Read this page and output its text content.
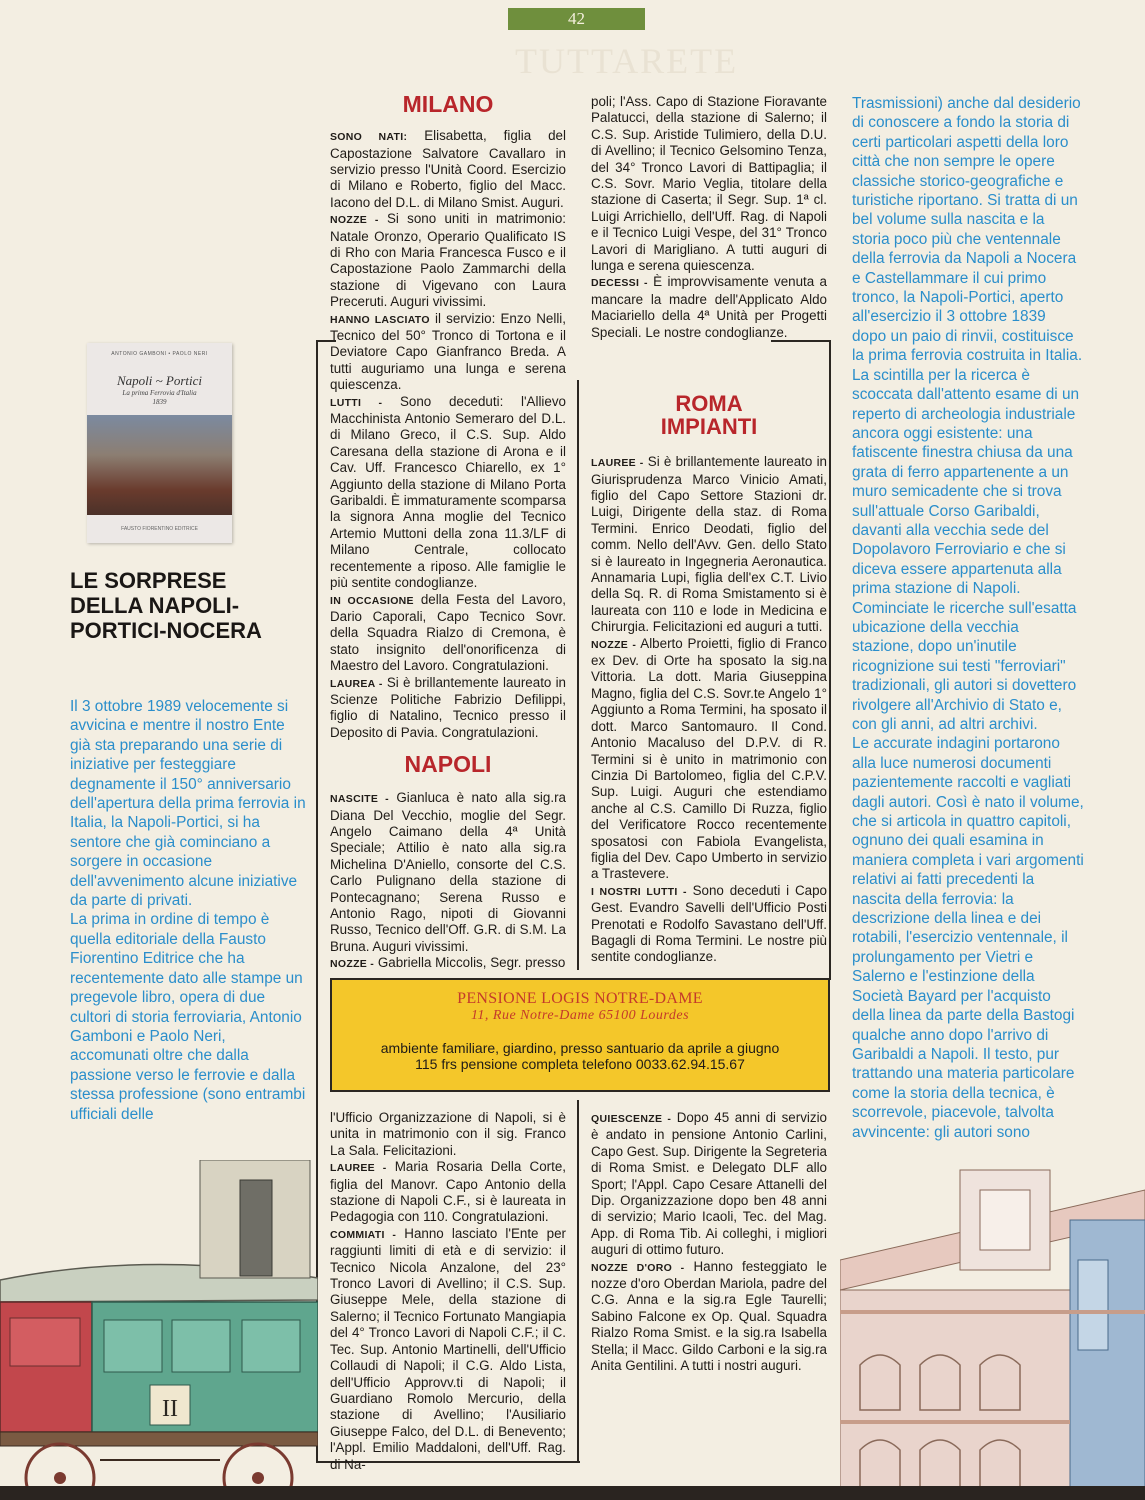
42
TUTTARETE
ANTONIO GAMBONI • PAOLO NERI
Napoli ~ Portici
La prima Ferrovia d'Italia
1839
FAUSTO FIORENTINO EDITRICE
LE SORPRESE DELLA NAPOLI-PORTICI-NOCERA

Il 3 ottobre 1989 velocemente si avvicina e mentre il nostro Ente già sta preparando una serie di iniziative per festeggiare degnamente il 150° anniversario dell'apertura della prima ferrovia in Italia, la Napoli-Portici, si ha sentore che già cominciano a sorgere in occasione dell'avvenimento alcune iniziative da parte di privati.

La prima in ordine di tempo è quella editoriale della Fausto Fiorentino Editrice che ha recentemente dato alle stampe un pregevole libro, opera di due cultori di storia ferroviaria, Antonio Gamboni e Paolo Neri, accomunati oltre che dalla passione verso le ferrovie e dalla stessa professione (sono entrambi ufficiali delle

Trasmissioni) anche dal desiderio di conoscere a fondo la storia di certi particolari aspetti della loro città che non sempre le opere classiche storico-geografiche e turistiche riportano. Si tratta di un bel volume sulla nascita e la storia poco più che ventennale della ferrovia da Napoli a Nocera e Castellammare il cui primo tronco, la Napoli-Portici, aperto all'esercizio il 3 ottobre 1839 dopo un paio di rinvii, costituisce la prima ferrovia costruita in Italia.

La scintilla per la ricerca è scoccata dall'attento esame di un reperto di archeologia industriale ancora oggi esistente: una fatiscente finestra chiusa da una grata di ferro appartenente a un muro semicadente che si trova sull'attuale Corso Garibaldi, davanti alla vecchia sede del Dopolavoro Ferroviario e che si diceva essere appartenuta alla prima stazione di Napoli. Cominciate le ricerche sull'esatta ubicazione della vecchia stazione, dopo un'inutile ricognizione sui testi "ferroviari" tradizionali, gli autori si dovettero rivolgere all'Archivio di Stato e, con gli anni, ad altri archivi.

Le accurate indagini portarono alla luce numerosi documenti pazientemente raccolti e vagliati dagli autori. Così è nato il volume, che si articola in quattro capitoli, ognuno dei quali esamina in maniera completa i vari argomenti relativi ai fatti precedenti la nascita della ferrovia: la descrizione della linea e dei rotabili, l'esercizio ventennale, il prolungamento per Vietri e Salerno e l'estinzione della Società Bayard per l'acquisto della linea da parte della Bastogi qualche anno dopo l'arrivo di Garibaldi a Napoli. Il testo, pur trattando una materia particolare come la storia della tecnica, è scorrevole, piacevole, talvolta avvincente: gli autori sono

MILANO

SONO NATI: Elisabetta, figlia del Capostazione Salvatore Cavallaro in servizio presso l'Unità Coord. Esercizio di Milano e Roberto, figlio del Macc. Iacono del D.L. di Milano Smist. Auguri.

NOZZE - Si sono uniti in matrimonio: Natale Oronzo, Operario Qualificato IS di Rho con Maria Francesca Fusco e il Capostazione Paolo Zammarchi della stazione di Vigevano con Laura Preceruti. Auguri vivissimi.

HANNO LASCIATO il servizio: Enzo Nelli, Tecnico del 50° Tronco di Tortona e il Deviatore Capo Gianfranco Breda. A tutti auguriamo una lunga e serena quiescenza.

LUTTI - Sono deceduti: l'Allievo Macchinista Antonio Semeraro del D.L. di Milano Greco, il C.S. Sup. Aldo Caresana della stazione di Arona e il Cav. Uff. Francesco Chiarello, ex 1° Aggiunto della stazione di Milano Porta Garibaldi. È immaturamente scomparsa la signora Anna moglie del Tecnico Artemio Muttoni della zona 11.3/LF di Milano Centrale, collocato recentemente a riposo. Alle famiglie le più sentite condoglianze.

IN OCCASIONE della Festa del Lavoro, Dario Caporali, Capo Tecnico Sovr. della Squadra Rialzo di Cremona, è stato insignito dell'onorificenza di Maestro del Lavoro. Congratulazioni.

LAUREA - Si è brillantemente laureato in Scienze Politiche Fabrizio Defilippi, figlio di Natalino, Tecnico presso il Deposito di Pavia. Congratulazioni.

NAPOLI

NASCITE - Gianluca è nato alla sig.ra Diana Del Vecchio, moglie del Segr. Angelo Caimano della 4ª Unità Speciale; Attilio è nato alla sig.ra Michelina D'Aniello, consorte del C.S. Carlo Pulignano della stazione di Pontecagnano; Serena Russo e Antonio Rago, nipoti di Giovanni Russo, Tecnico dell'Off. G.R. di S.M. La Bruna. Auguri vivissimi.

NOZZE - Gabriella Miccolis, Segr. presso

poli; l'Ass. Capo di Stazione Fioravante Palatucci, della stazione di Salerno; il C.S. Sup. Aristide Tulimiero, della D.U. di Avellino; il Tecnico Gelsomino Tenza, del 34° Tronco Lavori di Battipaglia; il C.S. Sovr. Mario Veglia, titolare della stazione di Caserta; il Segr. Sup. 1ª cl. Luigi Arrichiello, dell'Uff. Rag. di Napoli e il Tecnico Luigi Vespe, del 31° Tronco Lavori di Marigliano. A tutti auguri di lunga e serena quiescenza.

DECESSI - È improvvisamente venuta a mancare la madre dell'Applicato Aldo Maciariello della 4ª Unità per Progetti Speciali. Le nostre condoglianze.

ROMA
IMPIANTI

LAUREE - Si è brillantemente laureato in Giurisprudenza Marco Vinicio Amati, figlio del Capo Settore Stazioni dr. Luigi, Dirigente della staz. di Roma Termini. Enrico Deodati, figlio del comm. Nello dell'Avv. Gen. dello Stato si è laureato in Ingegneria Aeronautica. Annamaria Lupi, figlia dell'ex C.T. Livio della Sq. R. di Roma Smistamento si è laureata con 110 e lode in Medicina e Chirurgia. Felicitazioni ed auguri a tutti.

NOZZE - Alberto Proietti, figlio di Franco ex Dev. di Orte ha sposato la sig.na Vittoria. La dott. Maria Giuseppina Magno, figlia del C.S. Sovr.te Angelo 1° Aggiunto a Roma Termini, ha sposato il dott. Marco Santomauro. Il Cond. Antonio Macaluso del D.P.V. di R. Termini si è unito in matrimonio con Cinzia Di Bartolomeo, figlia del C.P.V. Sup. Luigi. Auguri che estendiamo anche al C.S. Camillo Di Ruzza, figlio del Verificatore Rocco recentemente sposatosi con Fabiola Evangelista, figlia del Dev. Capo Umberto in servizio a Trastevere.

I NOSTRI LUTTI - Sono deceduti i Capo Gest. Evandro Savelli dell'Ufficio Posti Prenotati e Rodolfo Savastano dell'Uff. Bagagli di Roma Termini. Le nostre più sentite condoglianze.

PENSIONE LOGIS NOTRE-DAME
11, Rue Notre-Dame 65100 Lourdes
ambiente familiare, giardino, presso santuario da aprile a giugno
115 frs pensione completa telefono 0033.62.94.15.67

l'Ufficio Organizzazione di Napoli, si è unita in matrimonio con il sig. Franco La Sala. Felicitazioni.

LAUREE - Maria Rosaria Della Corte, figlia del Manovr. Capo Antonio della stazione di Napoli C.F., si è laureata in Pedagogia con 110. Congratulazioni.

COMMIATI - Hanno lasciato l'Ente per raggiunti limiti di età e di servizio: il Tecnico Nicola Anzalone, del 23° Tronco Lavori di Avellino; il C.S. Sup. Giuseppe Mele, della stazione di Salerno; il Tecnico Fortunato Mangiapia del 4° Tronco Lavori di Napoli C.F.; il C. Tec. Sup. Antonio Martinelli, dell'Ufficio Collaudi di Napoli; il C.G. Aldo Lista, dell'Ufficio Approvv.ti di Napoli; il Guardiano Romolo Mercurio, della stazione di Avellino; l'Ausiliario Giuseppe Falco, del D.L. di Benevento; l'Appl. Emilio Maddaloni, dell'Uff. Rag. di Na-

QUIESCENZE - Dopo 45 anni di servizio è andato in pensione Antonio Carlini, Capo Gest. Sup. Dirigente la Segreteria di Roma Smist. e Delegato DLF allo Sport; l'Appl. Capo Cesare Attanelli del Dip. Organizzazione dopo ben 48 anni di servizio; Mario Icaoli, Tec. del Mag. App. di Roma Tib. Ai colleghi, i migliori auguri di ottimo futuro.

NOZZE D'ORO - Hanno festeggiato le nozze d'oro Oberdan Mariola, padre del C.G. Anna e la sig.ra Egle Taurelli; Sabino Falcone ex Op. Qual. Squadra Rialzo Roma Smist. e la sig.ra Isabella Stella; il Macc. Gildo Carboni e la sig.ra Anita Gentilini. A tutti i nostri auguri.

II
